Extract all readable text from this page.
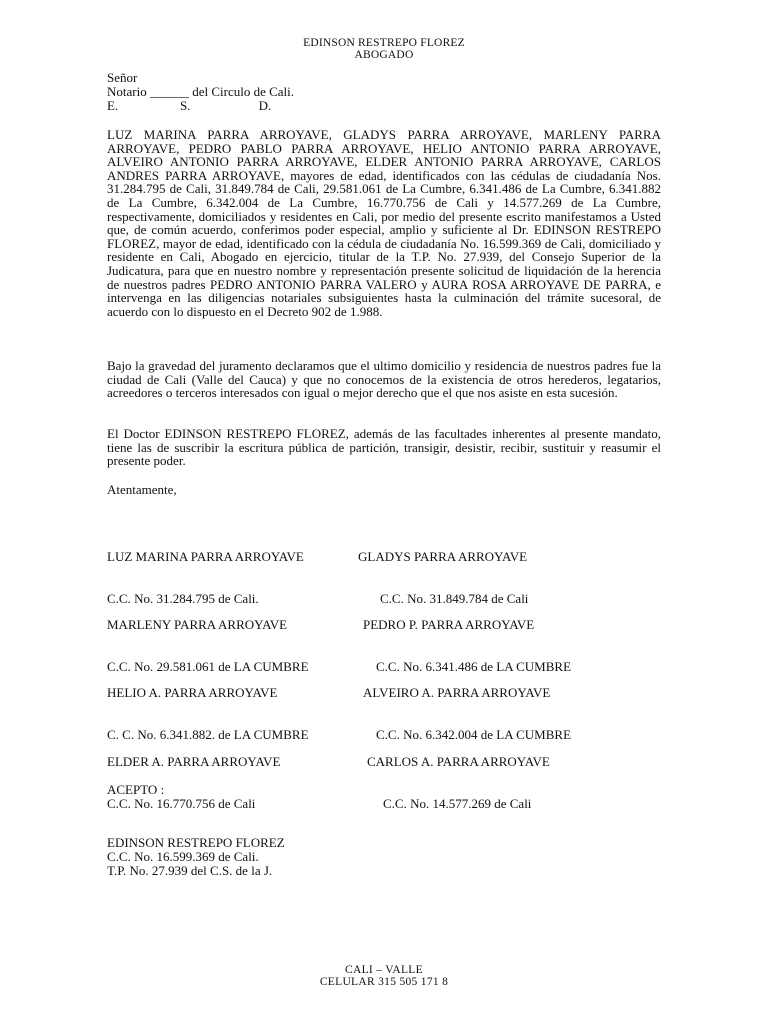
EDINSON RESTREPO FLOREZ
ABOGADO
Señor
Notario ______ del Circulo de Cali.
E.                   S.                     D.
LUZ MARINA PARRA ARROYAVE, GLADYS PARRA ARROYAVE, MARLENY PARRA ARROYAVE, PEDRO PABLO PARRA ARROYAVE, HELIO ANTONIO PARRA ARROYAVE, ALVEIRO ANTONIO PARRA ARROYAVE, ELDER ANTONIO PARRA ARROYAVE, CARLOS ANDRES PARRA ARROYAVE, mayores de edad, identificados con las cédulas de ciudadanía Nos. 31.284.795 de Cali, 31.849.784 de Cali, 29.581.061 de La Cumbre, 6.341.486 de La Cumbre, 6.341.882 de La Cumbre, 6.342.004 de La Cumbre, 16.770.756 de Cali y 14.577.269 de La Cumbre, respectivamente, domiciliados y residentes en Cali, por medio del presente escrito manifestamos a Usted que, de común acuerdo, conferimos poder especial, amplio y suficiente al Dr. EDINSON RESTREPO FLOREZ, mayor de edad, identificado con la cédula de ciudadanía No. 16.599.369 de Cali, domiciliado y residente en Cali, Abogado en ejercicio, titular de la T.P. No. 27.939, del Consejo Superior de la Judicatura, para que en nuestro nombre y representación presente solicitud de liquidación de la herencia de nuestros padres PEDRO ANTONIO PARRA VALERO y AURA ROSA ARROYAVE DE PARRA, e intervenga en las diligencias notariales subsiguientes hasta la culminación del trámite sucesoral, de acuerdo con lo dispuesto en el Decreto 902 de 1.988.
Bajo la gravedad del juramento declaramos que el ultimo domicilio y residencia de nuestros padres fue la ciudad de Cali (Valle del Cauca) y que no conocemos de la existencia de otros herederos, legatarios, acreedores o terceros interesados con igual o mejor derecho que el que nos asiste en esta sucesión.
El Doctor EDINSON RESTREPO FLOREZ, además de las facultades inherentes al presente mandato, tiene las de suscribir la escritura pública de partición, transigir, desistir, recibir, sustituir y reasumir el presente poder.
Atentamente,

LUZ MARINA PARRA ARROYAVE

C.C. No. 31.284.795 de Cali.

GLADYS PARRA ARROYAVE

C.C. No. 31.849.784 de Cali

MARLENY PARRA ARROYAVE

C.C. No. 29.581.061 de LA CUMBRE

PEDRO P. PARRA ARROYAVE

C.C. No. 6.341.486 de LA CUMBRE

HELIO A. PARRA ARROYAVE

C. C. No. 6.341.882. de LA CUMBRE

ALVEIRO A. PARRA ARROYAVE

C.C. No. 6.342.004 de LA CUMBRE

ELDER A. PARRA ARROYAVE

C.C. No. 16.770.756 de Cali

CARLOS A. PARRA ARROYAVE

C.C. No. 14.577.269 de Cali

ACEPTO :
EDINSON RESTREPO FLOREZ
C.C. No. 16.599.369 de Cali.
T.P. No. 27.939 del C.S. de la J.
CALI – VALLE
CELULAR 315 505 171 8
